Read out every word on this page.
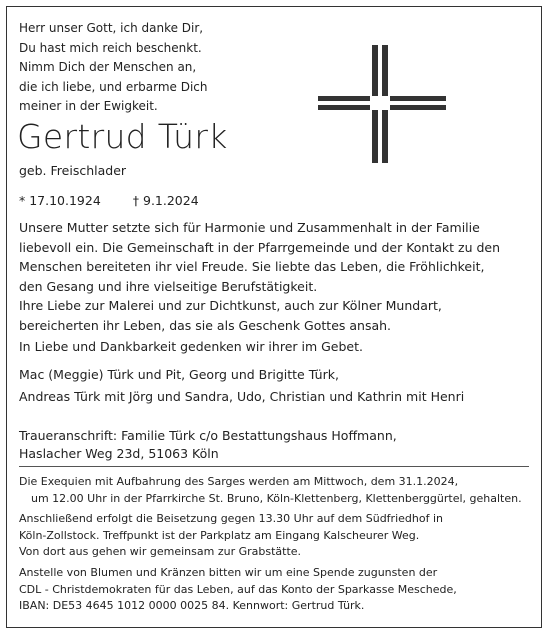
Herr unser Gott, ich danke Dir,
Du hast mich reich beschenkt.
Nimm Dich der Menschen an,
die ich liebe, und erbarme Dich
meiner in der Ewigkeit.
Gertrud Türk
geb. Freischlader
* 17.10.1924	† 9.1.2024
Unsere Mutter setzte sich für Harmonie und Zusammenhalt in der Familie
liebevoll ein. Die Gemeinschaft in der Pfarrgemeinde und der Kontakt zu den
Menschen bereiteten ihr viel Freude. Sie liebte das Leben, die Fröhlichkeit,
den Gesang und ihre vielseitige Berufstätigkeit.
Ihre Liebe zur Malerei und zur Dichtkunst, auch zur Kölner Mundart,
bereicherten ihr Leben, das sie als Geschenk Gottes ansah.
In Liebe und Dankbarkeit gedenken wir ihrer im Gebet.
Mac (Meggie) Türk und Pit, Georg und Brigitte Türk,
Andreas Türk mit Jörg und Sandra, Udo, Christian und Kathrin mit Henri
Traueranschrift: Familie Türk c/o Bestattungshaus Hoffmann,
Haslacher Weg 23d, 51063 Köln
Die Exequien mit Aufbahrung des Sarges werden am Mittwoch, dem 31.1.2024,
um 12.00 Uhr in der Pfarrkirche St. Bruno, Köln-Klettenberg, Klettenberggürtel, gehalten.
Anschließend erfolgt die Beisetzung gegen 13.30 Uhr auf dem Südfriedhof in
Köln-Zollstock. Treffpunkt ist der Parkplatz am Eingang Kalscheurer Weg.
Von dort aus gehen wir gemeinsam zur Grabstätte.
Anstelle von Blumen und Kränzen bitten wir um eine Spende zugunsten der
CDL - Christdemokraten für das Leben, auf das Konto der Sparkasse Meschede,
IBAN: DE53 4645 1012 0000 0025 84. Kennwort: Gertrud Türk.
